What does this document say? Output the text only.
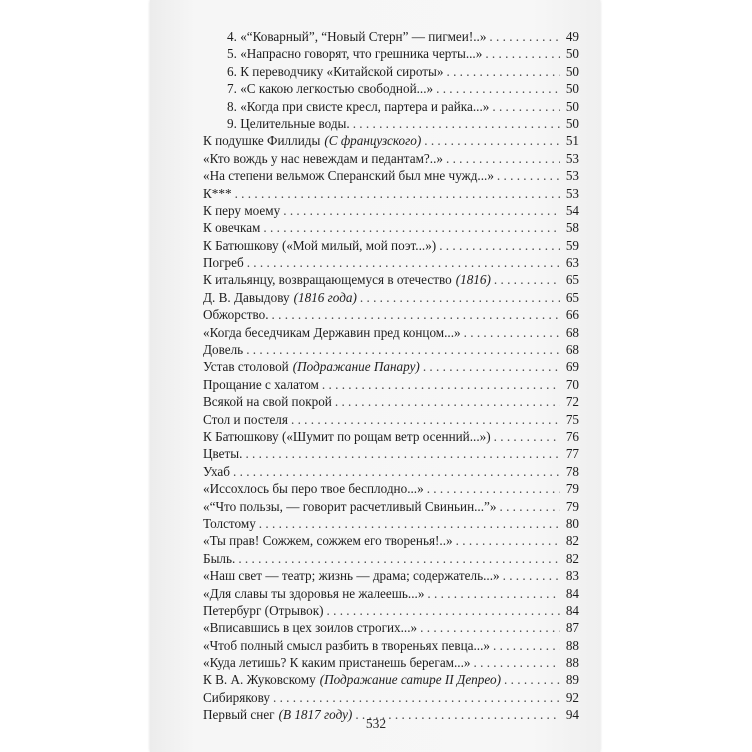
4. «“Коварный”, “Новый Стерн” — пигмеи!..» . . .	49
5. «Напрасно говорят, что грешника черты...» . . .	50
6. К переводчику «Китайской сироты» . . .	50
7. «С какою легкостью свободной...» . . .	50
8. «Когда при свисте кресл, партера и райка...» . . .	50
9. Целительные воды. . . .	50
К подушке Филлиды (С французского) . . .	51
«Кто вождь у нас невеждам и педантам?..» . . .	53
«На степени вельмож Сперанский был мне чужд...» . . .	53
К*** . . .	53
К перу моему . . .	54
К овечкам . . .	58
К Батюшкову («Мой милый, мой поэт...») . . .	59
Погреб . . .	63
К итальянцу, возвращающемуся в отечество (1816) . . .	65
Д. В. Давыдову (1816 года) . . .	65
Обжорство. . . .	66
«Когда беседчикам Державин пред концом...» . . .	68
Довель . . .	68
Устав столовой (Подражание Панару) . . .	69
Прощание с халатом . . .	70
Всякой на свой покрой . . .	72
Стол и постеля . . .	75
К Батюшкову («Шумит по рощам ветр осенний...») . . .	76
Цветы. . . .	77
Ухаб . . .	78
«Иссохлось бы перо твое бесплодно...» . . .	79
«“Что пользы, — говорит расчетливый Свиньин...”» . . .	79
Толстому . . .	80
«Ты прав! Сожжем, сожжем его творенья!..» . . .	82
Быль. . . .	82
«Наш свет — театр; жизнь — драма; содержатель...» . . .	83
«Для славы ты здоровья не жалеешь...» . . .	84
Петербург (Отрывок) . . .	84
«Вписавшись в цех зоилов строгих...» . . .	87
«Чтоб полный смысл разбить в твореньях певца...» . . .	88
«Куда летишь? К каким пристанешь берегам...» . . .	88
К В. А. Жуковскому (Подражание сатире II Депрео) . . .	89
Сибирякову . . .	92
Первый снег (В 1817 году) . . .	94
532
